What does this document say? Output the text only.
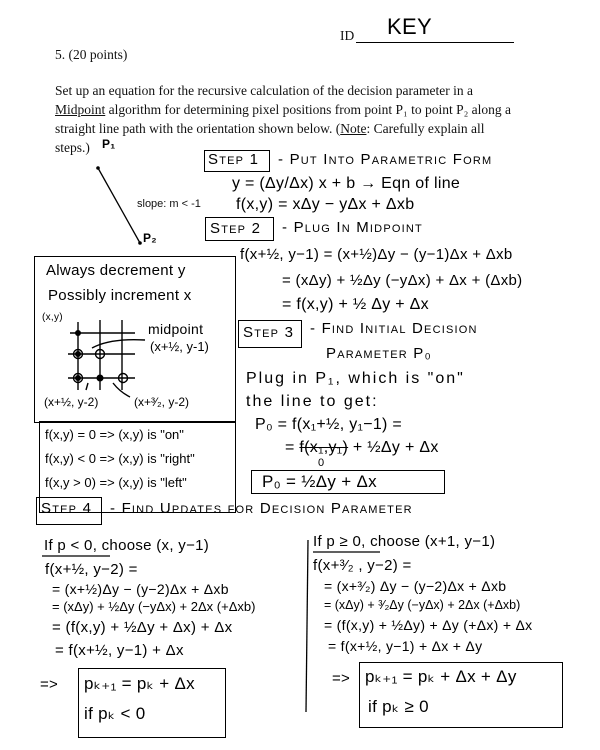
ID KEY
5. (20 points)
Set up an equation for the recursive calculation of the decision parameter in a
Midpoint algorithm for determining pixel positions from point P₁ to point P₂ along a
straight line path with the orientation shown below. (Note: Carefully explain all
steps.) P₁
P₂
slope: m < -1
Always decrement y
Possibly increment x
(x,y)
midpoint
(x+½, y-1)
(x+½, y-2)	(x+³⁄₂, y-2)
f(x,y) = 0 => (x,y) is "on"
f(x,y) < 0 => (x,y) is "right"
f(x,y > 0) => (x,y) is "left"
Step 1 - Put Into Parametric Form
y = (Δy/Δx) x + b → Eqn of line
f(x,y) = xΔy − yΔx + Δxb
Step 2 - Plug In Midpoint
f(x+½, y−1) = (x+½)Δy − (y−1)Δx + Δxb
= (xΔy) + ½Δy (−yΔx) + Δx + (Δxb)
= f(x,y) + ½ Δy + Δx
Step 3 - Find Initial Decision
Parameter P₀
Plug in P₁, which is "on"
the line to get:
P₀ = f(x₁+½, y₁−1) =
= f(x₁,y₁) + ½Δy + Δx
0
P₀ = ½Δy + Δx
Step 4 - Find Updates for Decision Parameter
If p < 0, choose (x, y−1)
f(x+½, y−2) =
= (x+½)Δy − (y−2)Δx + Δxb
= (xΔy) + ½Δy (−yΔx) + 2Δx (+Δxb)
= (f(x,y) + ½Δy + Δx) + Δx
= f(x+½, y−1) + Δx
=> pₖ₊₁ = pₖ + Δx
if pₖ < 0
If p ≥ 0, choose (x+1, y−1)
f(x+³⁄₂ , y−2) =
= (x+³⁄₂) Δy − (y−2)Δx + Δxb
= (xΔy) + ³⁄₂Δy (−yΔx) + 2Δx (+Δxb)
= (f(x,y) + ½Δy) + Δy (+Δx) + Δx
= f(x+½, y−1) + Δx + Δy
=> pₖ₊₁ = pₖ + Δx + Δy
if pₖ ≥ 0
